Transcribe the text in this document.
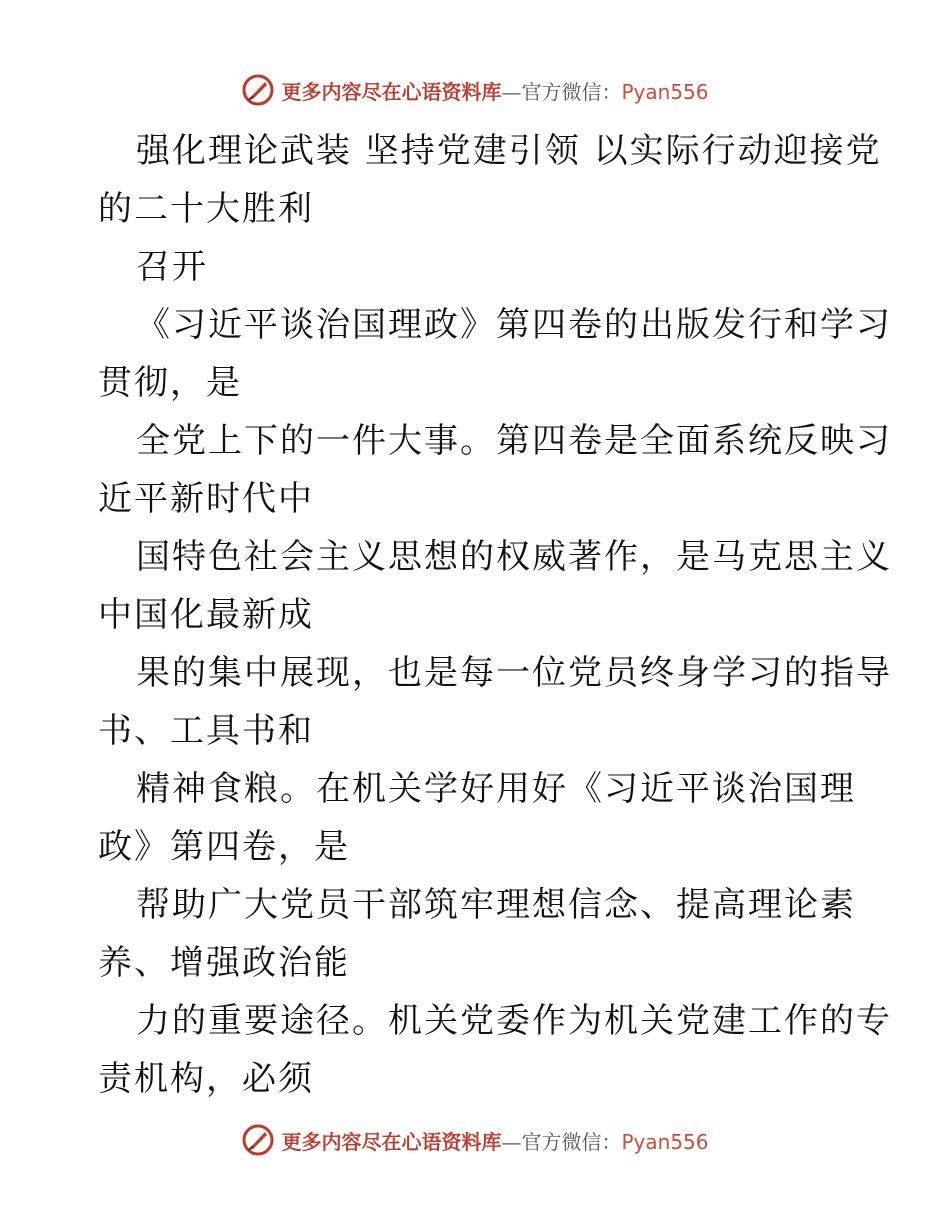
更多内容尽在心语资料库—官方微信：Pyan556
强化理论武装 坚持党建引领 以实际行动迎接党
的二十大胜利
召开
《习近平谈治国理政》第四卷的出版发行和学习
贯彻，是
全党上下的一件大事。第四卷是全面系统反映习
近平新时代中
国特色社会主义思想的权威著作，是马克思主义
中国化最新成
果的集中展现，也是每一位党员终身学习的指导
书、工具书和
精神食粮。在机关学好用好《习近平谈治国理
政》第四卷，是
帮助广大党员干部筑牢理想信念、提高理论素
养、增强政治能
力的重要途径。机关党委作为机关党建工作的专
责机构，必须
更多内容尽在心语资料库—官方微信：Pyan556
